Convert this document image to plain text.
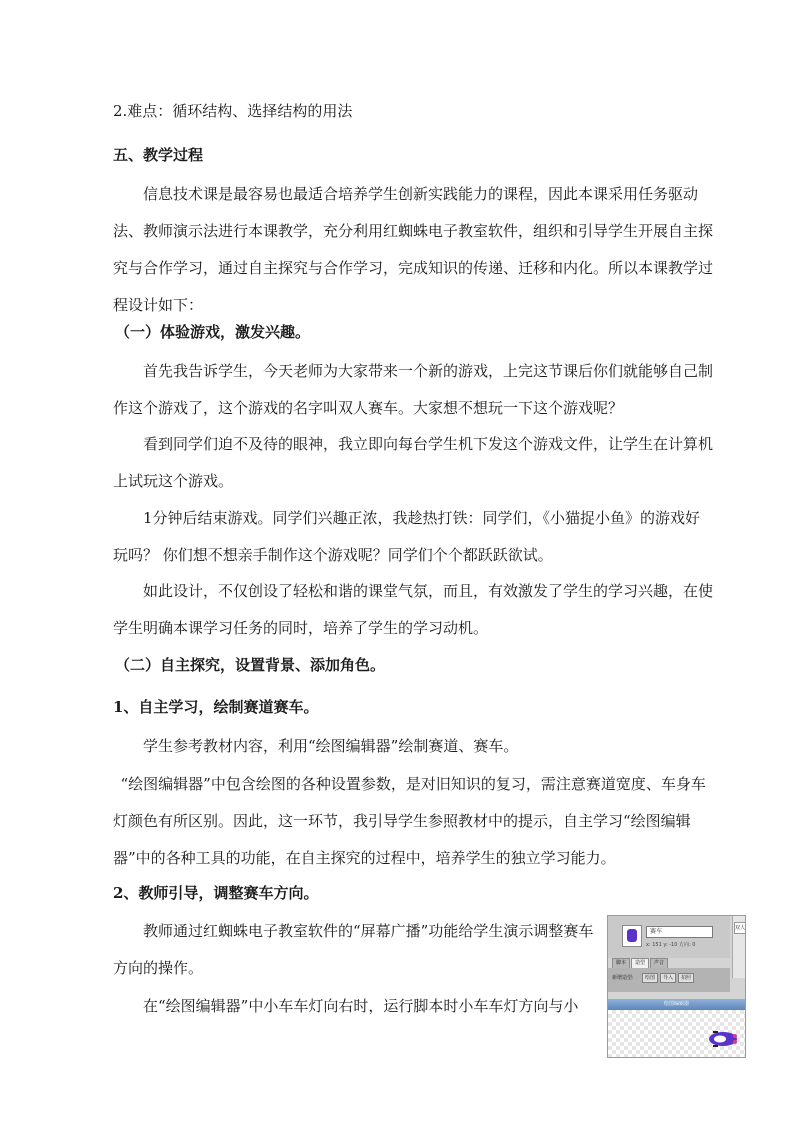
2.难点：循环结构、选择结构的用法

五、教学过程

信息技术课是最容易也最适合培养学生创新实践能力的课程，因此本课采用任务驱动法、教师演示法进行本课教学，充分利用红蜘蛛电子教室软件，组织和引导学生开展自主探究与合作学习，通过自主探究与合作学习，完成知识的传递、迁移和内化。所以本课教学过程设计如下：

（一）体验游戏，激发兴趣。

首先我告诉学生，今天老师为大家带来一个新的游戏，上完这节课后你们就能够自己制作这个游戏了，这个游戏的名字叫双人赛车。大家想不想玩一下这个游戏呢？

看到同学们迫不及待的眼神，我立即向每台学生机下发这个游戏文件，让学生在计算机上试玩这个游戏。

1分钟后结束游戏。同学们兴趣正浓，我趁热打铁：同学们，《小猫捉小鱼》的游戏好玩吗？ 你们想不想亲手制作这个游戏呢？同学们个个都跃跃欲试。

如此设计，不仅创设了轻松和谐的课堂气氛，而且，有效激发了学生的学习兴趣，在使学生明确本课学习任务的同时，培养了学生的学习动机。

（二）自主探究，设置背景、添加角色。
1、自主学习，绘制赛道赛车。

学生参考教材内容，利用“绘图编辑器”绘制赛道、赛车。

“绘图编辑器”中包含绘图的各种设置参数，是对旧知识的复习，需注意赛道宽度、车身车灯颜色有所区别。因此，这一环节，我引导学生参照教材中的提示，自主学习“绘图编辑器”中的各种工具的功能，在自主探究的过程中，培养学生的独立学习能力。

2、教师引导，调整赛车方向。

教师通过红蜘蛛电子教室软件的“屏幕广播”功能给学生演示调整赛车方向的操作。

在“绘图编辑器”中小车车灯向右时，运行脚本时小车车灯方向与小

赛车
x: 151 y: -10 方向: 0
双人
脚本 造型 声音
新增造型:	绘图	导入	拍照
绘图编辑器
